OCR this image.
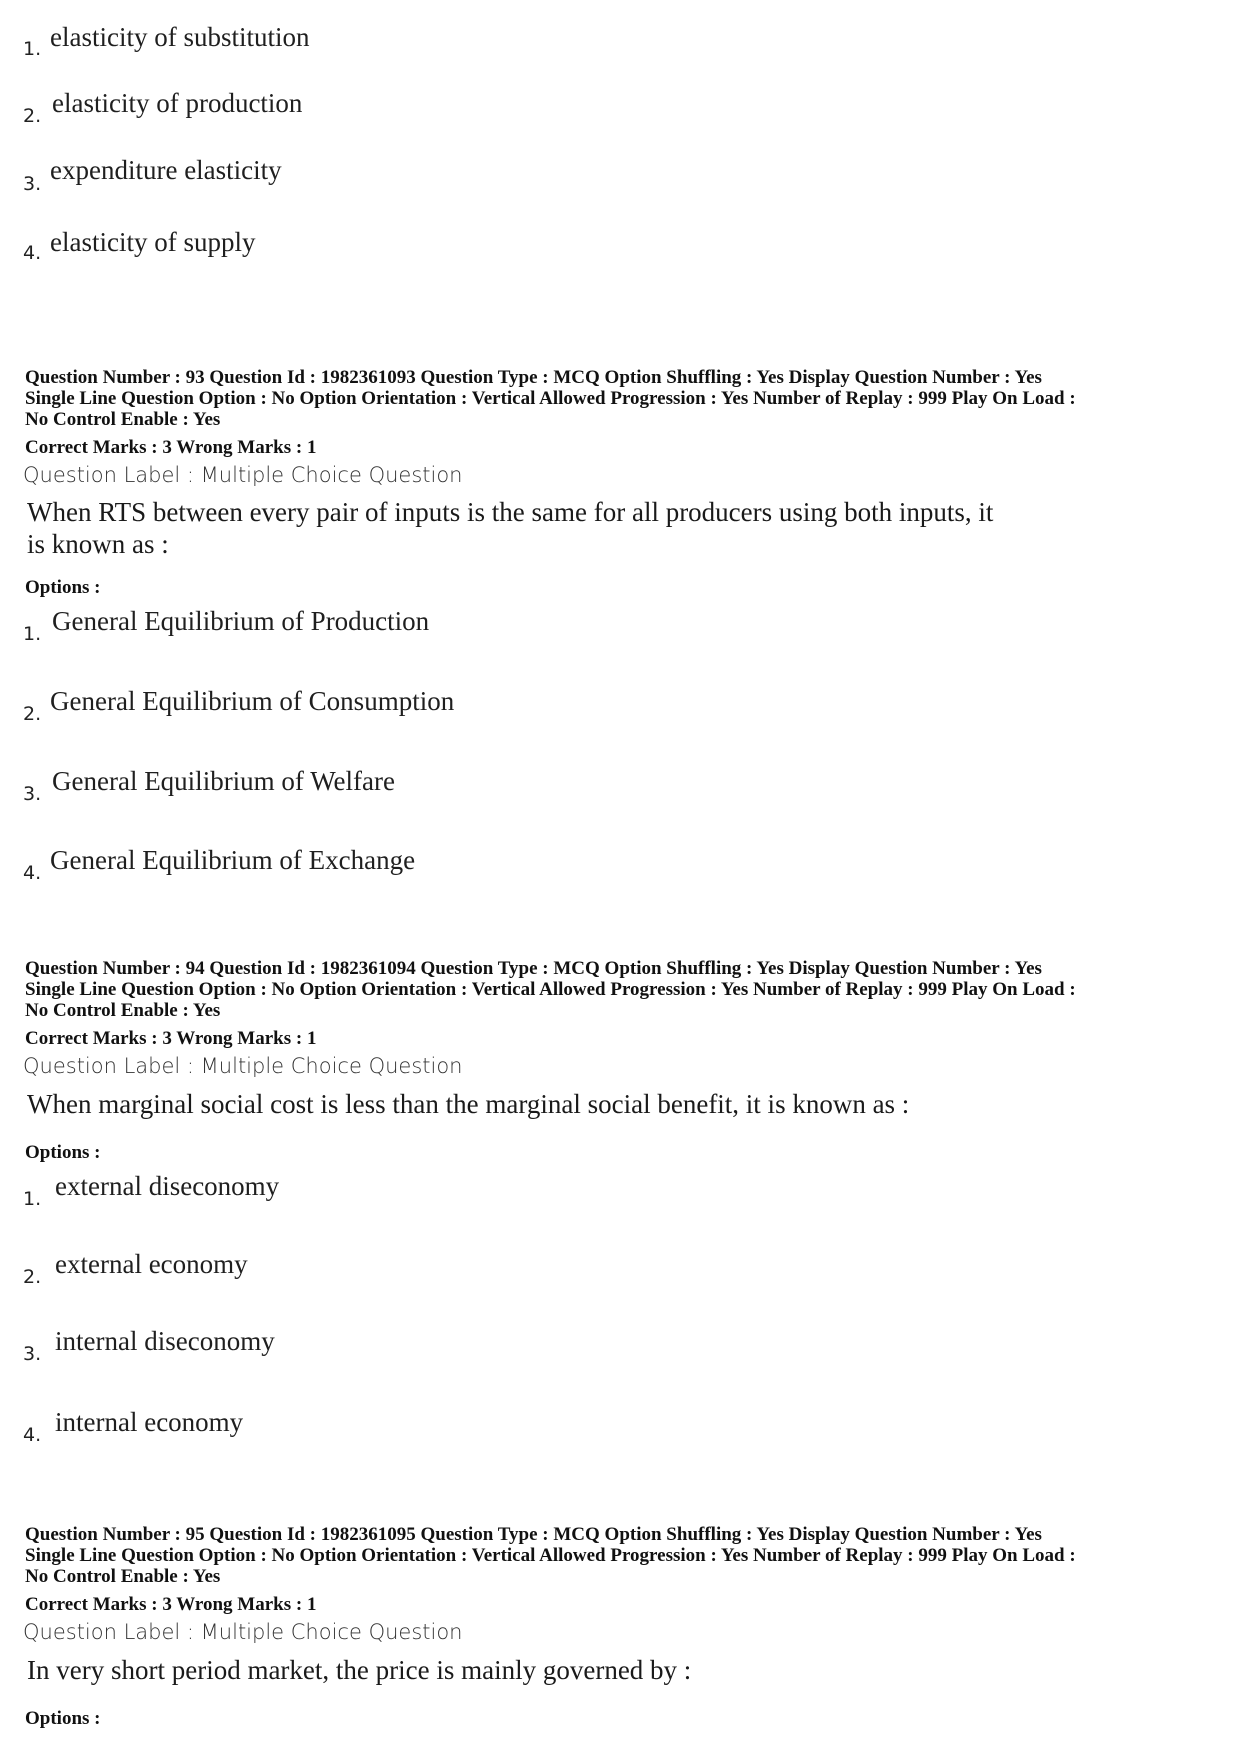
1. elasticity of substitution
2. elasticity of production
3. expenditure elasticity
4. elasticity of supply
Question Number : 93 Question Id : 1982361093 Question Type : MCQ Option Shuffling : Yes Display Question Number : Yes
Single Line Question Option : No Option Orientation : Vertical Allowed Progression : Yes Number of Replay : 999 Play On Load :
No Control Enable : Yes
Correct Marks : 3 Wrong Marks : 1
Question Label : Multiple Choice Question
When RTS between every pair of inputs is the same for all producers using both inputs, it
is known as :
Options :
1. General Equilibrium of Production
2. General Equilibrium of Consumption
3. General Equilibrium of Welfare
4. General Equilibrium of Exchange
Question Number : 94 Question Id : 1982361094 Question Type : MCQ Option Shuffling : Yes Display Question Number : Yes
Single Line Question Option : No Option Orientation : Vertical Allowed Progression : Yes Number of Replay : 999 Play On Load :
No Control Enable : Yes
Correct Marks : 3 Wrong Marks : 1
Question Label : Multiple Choice Question
When marginal social cost is less than the marginal social benefit, it is known as :
Options :
1. external diseconomy
2. external economy
3. internal diseconomy
4. internal economy
Question Number : 95 Question Id : 1982361095 Question Type : MCQ Option Shuffling : Yes Display Question Number : Yes
Single Line Question Option : No Option Orientation : Vertical Allowed Progression : Yes Number of Replay : 999 Play On Load :
No Control Enable : Yes
Correct Marks : 3 Wrong Marks : 1
Question Label : Multiple Choice Question
In very short period market, the price is mainly governed by :
Options :
